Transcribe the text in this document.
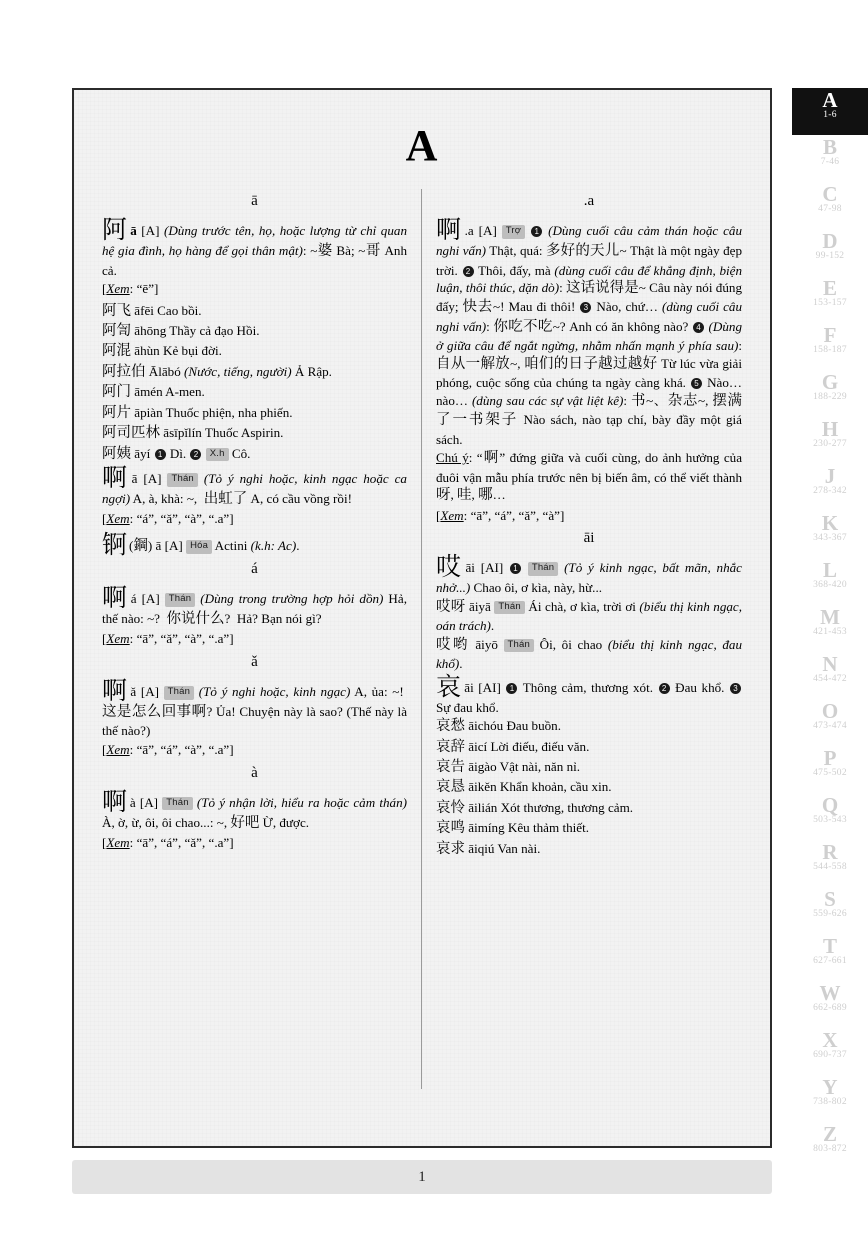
A
ā
阿ā [A] (Dùng trước tên, họ, hoặc lượng từ chỉ quan hệ gia đình, họ hàng để gọi thân mật): ~婆 Bà; ~哥 Anh cả.
[Xem: “ē”]
阿飞 āfēi Cao bồi.
阿訇 āhōng Thầy cả đạo Hồi.
阿混 āhùn Kẻ bụi đời.
阿拉伯 Ālābó (Nước, tiếng, người) Ả Rập.
阿门 āmén A-men.
阿片 āpiàn Thuốc phiện, nha phiến.
阿司匹林 āsīpǐlín Thuốc Aspirin.
阿姨 āyí 1 Dì. 2 X.h Cô.
啊ā [A] Thán (Tỏ ý nghi hoặc, kinh ngạc hoặc ca ngợi) A, à, khà: ~,  出虹了 A, có cầu vồng rồi!
[Xem: “á”, “ǎ”, “à”, “.a”]
锕 (鋼) ā [A] Hóa Actini (k.h: Ac).
á
啊á [A] Thán (Dùng trong trường hợp hỏi dồn) Hả, thế nào: ~?  你说什么?  Hả? Bạn nói gì?
[Xem: “ā”, “ǎ”, “à”, “.a”]
ǎ
啊ǎ [A] Thán (Tỏ ý nghi hoặc, kinh ngạc) A, ủa: ~!  这是怎么回事啊? Ủa! Chuyện này là sao? (Thế này là thế nào?)
[Xem: “ā”, “á”, “à”, “.a”]
à
啊à [A] Thán (Tỏ ý nhận lời, hiểu ra hoặc cảm thán) À, ờ, ừ, ôi, ôi chao...: ~, 好吧 Ừ, được.
[Xem: “ā”, “á”, “ǎ”, “.a”]
.a
啊 .a [A] Trợ 1 (Dùng cuối câu cảm thán hoặc câu nghi vấn) Thật, quá: 多好的天儿~ Thật là một ngày đẹp trời. 2 Thôi, đấy, mà (dùng cuối câu để khẳng định, biện luận, thôi thúc, dặn dò): 这话说得是~ Câu này nói đúng đấy; 快去~! Mau đi thôi! 3 Nào, chứ… (dùng cuối câu nghi vấn): 你吃不吃~? Anh có ăn không nào? 4 (Dùng ở giữa câu để ngắt ngừng, nhằm nhấn mạnh ý phía sau): 自从一解放~, 咱们的日子越过越好 Từ lúc vừa giải phóng, cuộc sống của chúng ta ngày càng khá. 5 Nào… nào… (dùng sau các sự vật liệt kê): 书~、杂志~, 摆满了一书架子 Nào sách, nào tạp chí, bày đầy một giá sách.
Chú ý: “啊” đứng giữa và cuối cùng, do ảnh hưởng của đuôi vận mẫu phía trước nên bị biến âm, có thể viết thành 呀, 哇, 哪…
[Xem: “ā”, “á”, “ǎ”, “à”]
āi
哎āi [AI] 1 Thán (Tỏ ý kinh ngạc, bất mãn, nhắc nhở...) Chao ôi, ơ kìa, này, hừ...
哎呀 āiyā Thán Ái chà, ơ kìa, trời ơi (biểu thị kinh ngạc, oán trách).
哎哟 āiyō Thán Ôi, ôi chao (biểu thị kinh ngạc, đau khổ).
哀āi [AI] 1 Thông cảm, thương xót. 2 Đau khổ. 3 Sự đau khổ.
哀愁 āichóu Đau buồn.
哀辞 āicí Lời điếu, điếu văn.
哀告 āigào Vật nài, năn nỉ.
哀恳 āikěn Khẩn khoản, cầu xin.
哀怜 āilián Xót thương, thương cảm.
哀鸣 āimíng Kêu thảm thiết.
哀求 āiqiú Van nài.
1
A
1-6
B
7-46
C
47-98
D
99-152
E
153-157
F
158-187
G
188-229
H
230-277
J
278-342
K
343-367
L
368-420
M
421-453
N
454-472
O
473-474
P
475-502
Q
503-543
R
544-558
S
559-626
T
627-661
W
662-689
X
690-737
Y
738-802
Z
803-872
